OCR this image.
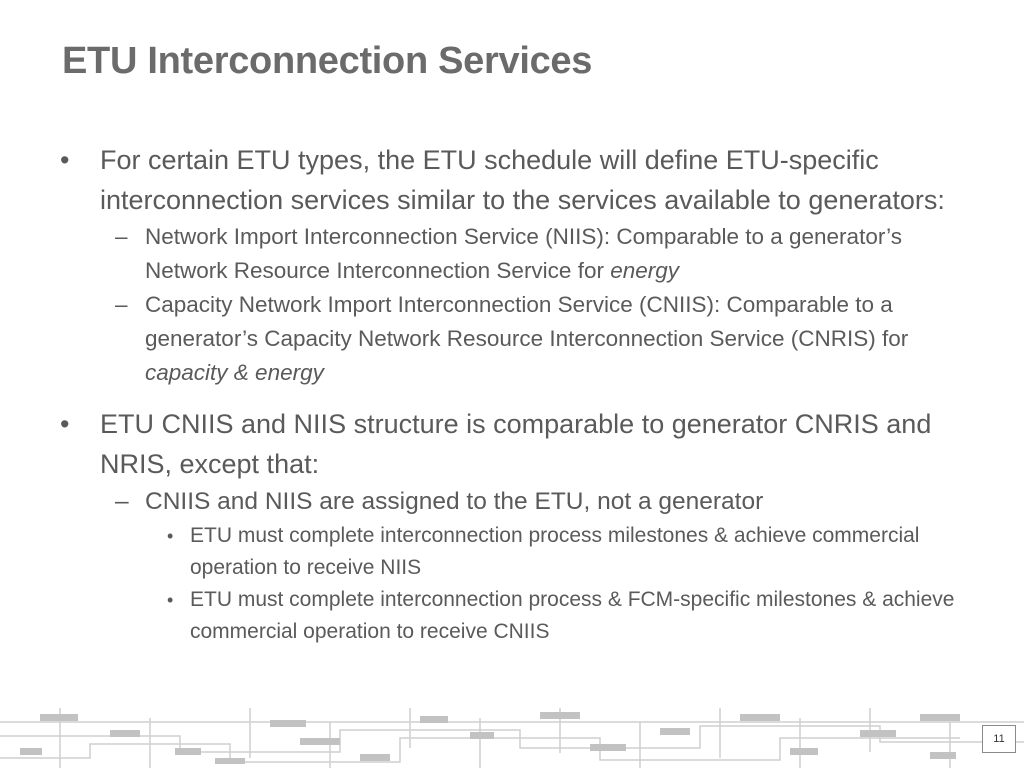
ETU Interconnection Services
• For certain ETU types, the ETU schedule will define ETU-specific interconnection services similar to the services available to generators:
– Network Import Interconnection Service (NIIS): Comparable to a generator’s Network Resource Interconnection Service for energy
– Capacity Network Import Interconnection Service (CNIIS): Comparable to a generator’s Capacity Network Resource Interconnection Service (CNRIS) for capacity & energy
• ETU CNIIS and NIIS structure is comparable to generator CNRIS and NRIS, except that:
– CNIIS and NIIS are assigned to the ETU, not a generator
• ETU must complete interconnection process milestones & achieve commercial operation to receive NIIS
• ETU must complete interconnection process & FCM-specific milestones & achieve commercial operation to receive CNIIS
11
